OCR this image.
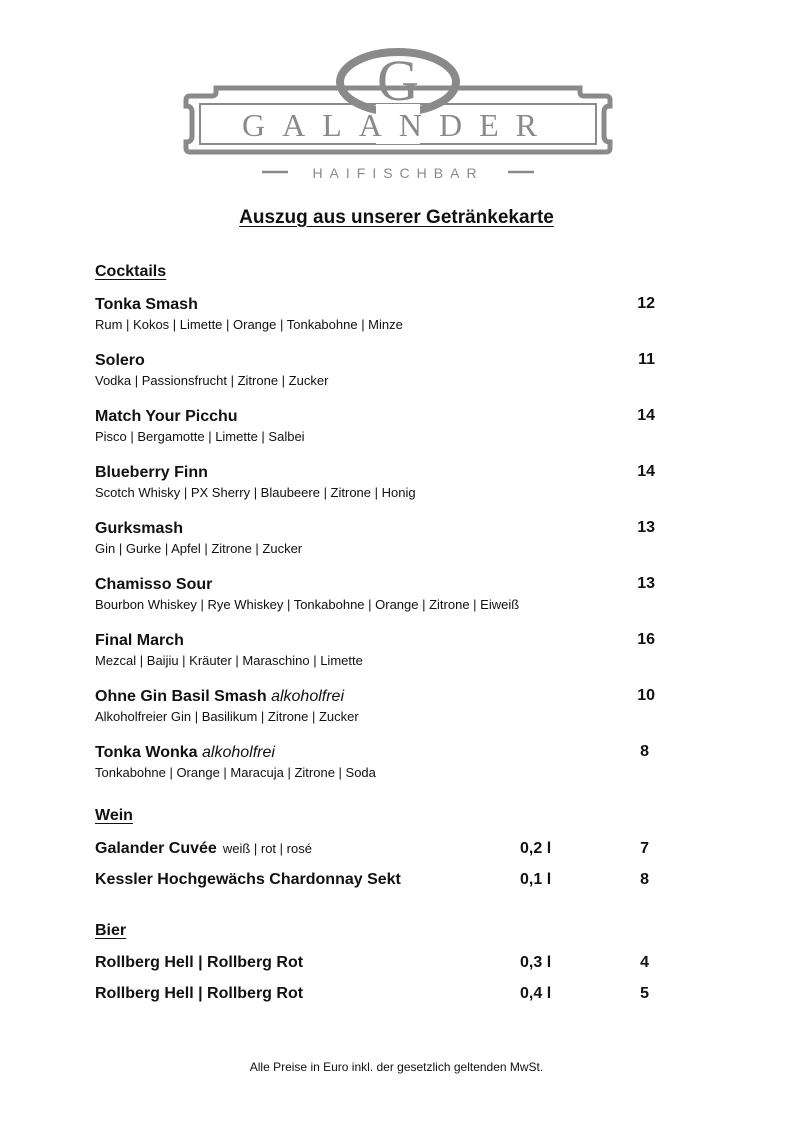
G
GALANDER
HAIFISCHBAR
Auszug aus unserer Getränkekarte
Cocktails
Tonka Smash
Rum | Kokos | Limette | Orange | Tonkabohne | Minze
12
Solero
Vodka | Passionsfrucht | Zitrone | Zucker
11
Match Your Picchu
Pisco | Bergamotte | Limette | Salbei
14
Blueberry Finn
Scotch Whisky | PX Sherry | Blaubeere | Zitrone | Honig
14
Gurksmash
Gin | Gurke | Apfel | Zitrone | Zucker
13
Chamisso Sour
Bourbon Whiskey | Rye Whiskey | Tonkabohne | Orange | Zitrone | Eiweiß
13
Final March
Mezcal | Baijiu | Kräuter | Maraschino | Limette
16
Ohne Gin Basil Smash alkoholfrei
Alkoholfreier Gin | Basilikum | Zitrone | Zucker
10
Tonka Wonka alkoholfrei
Tonkabohne | Orange | Maracuja | Zitrone | Soda
8
Wein
Galander Cuvée weiß | rot | rosé	0,2 l	7
Kessler Hochgewächs Chardonnay Sekt	0,1 l	8
Bier
Rollberg Hell | Rollberg Rot	0,3 l	4
Rollberg Hell | Rollberg Rot	0,4 l	5
Alle Preise in Euro inkl. der gesetzlich geltenden MwSt.
